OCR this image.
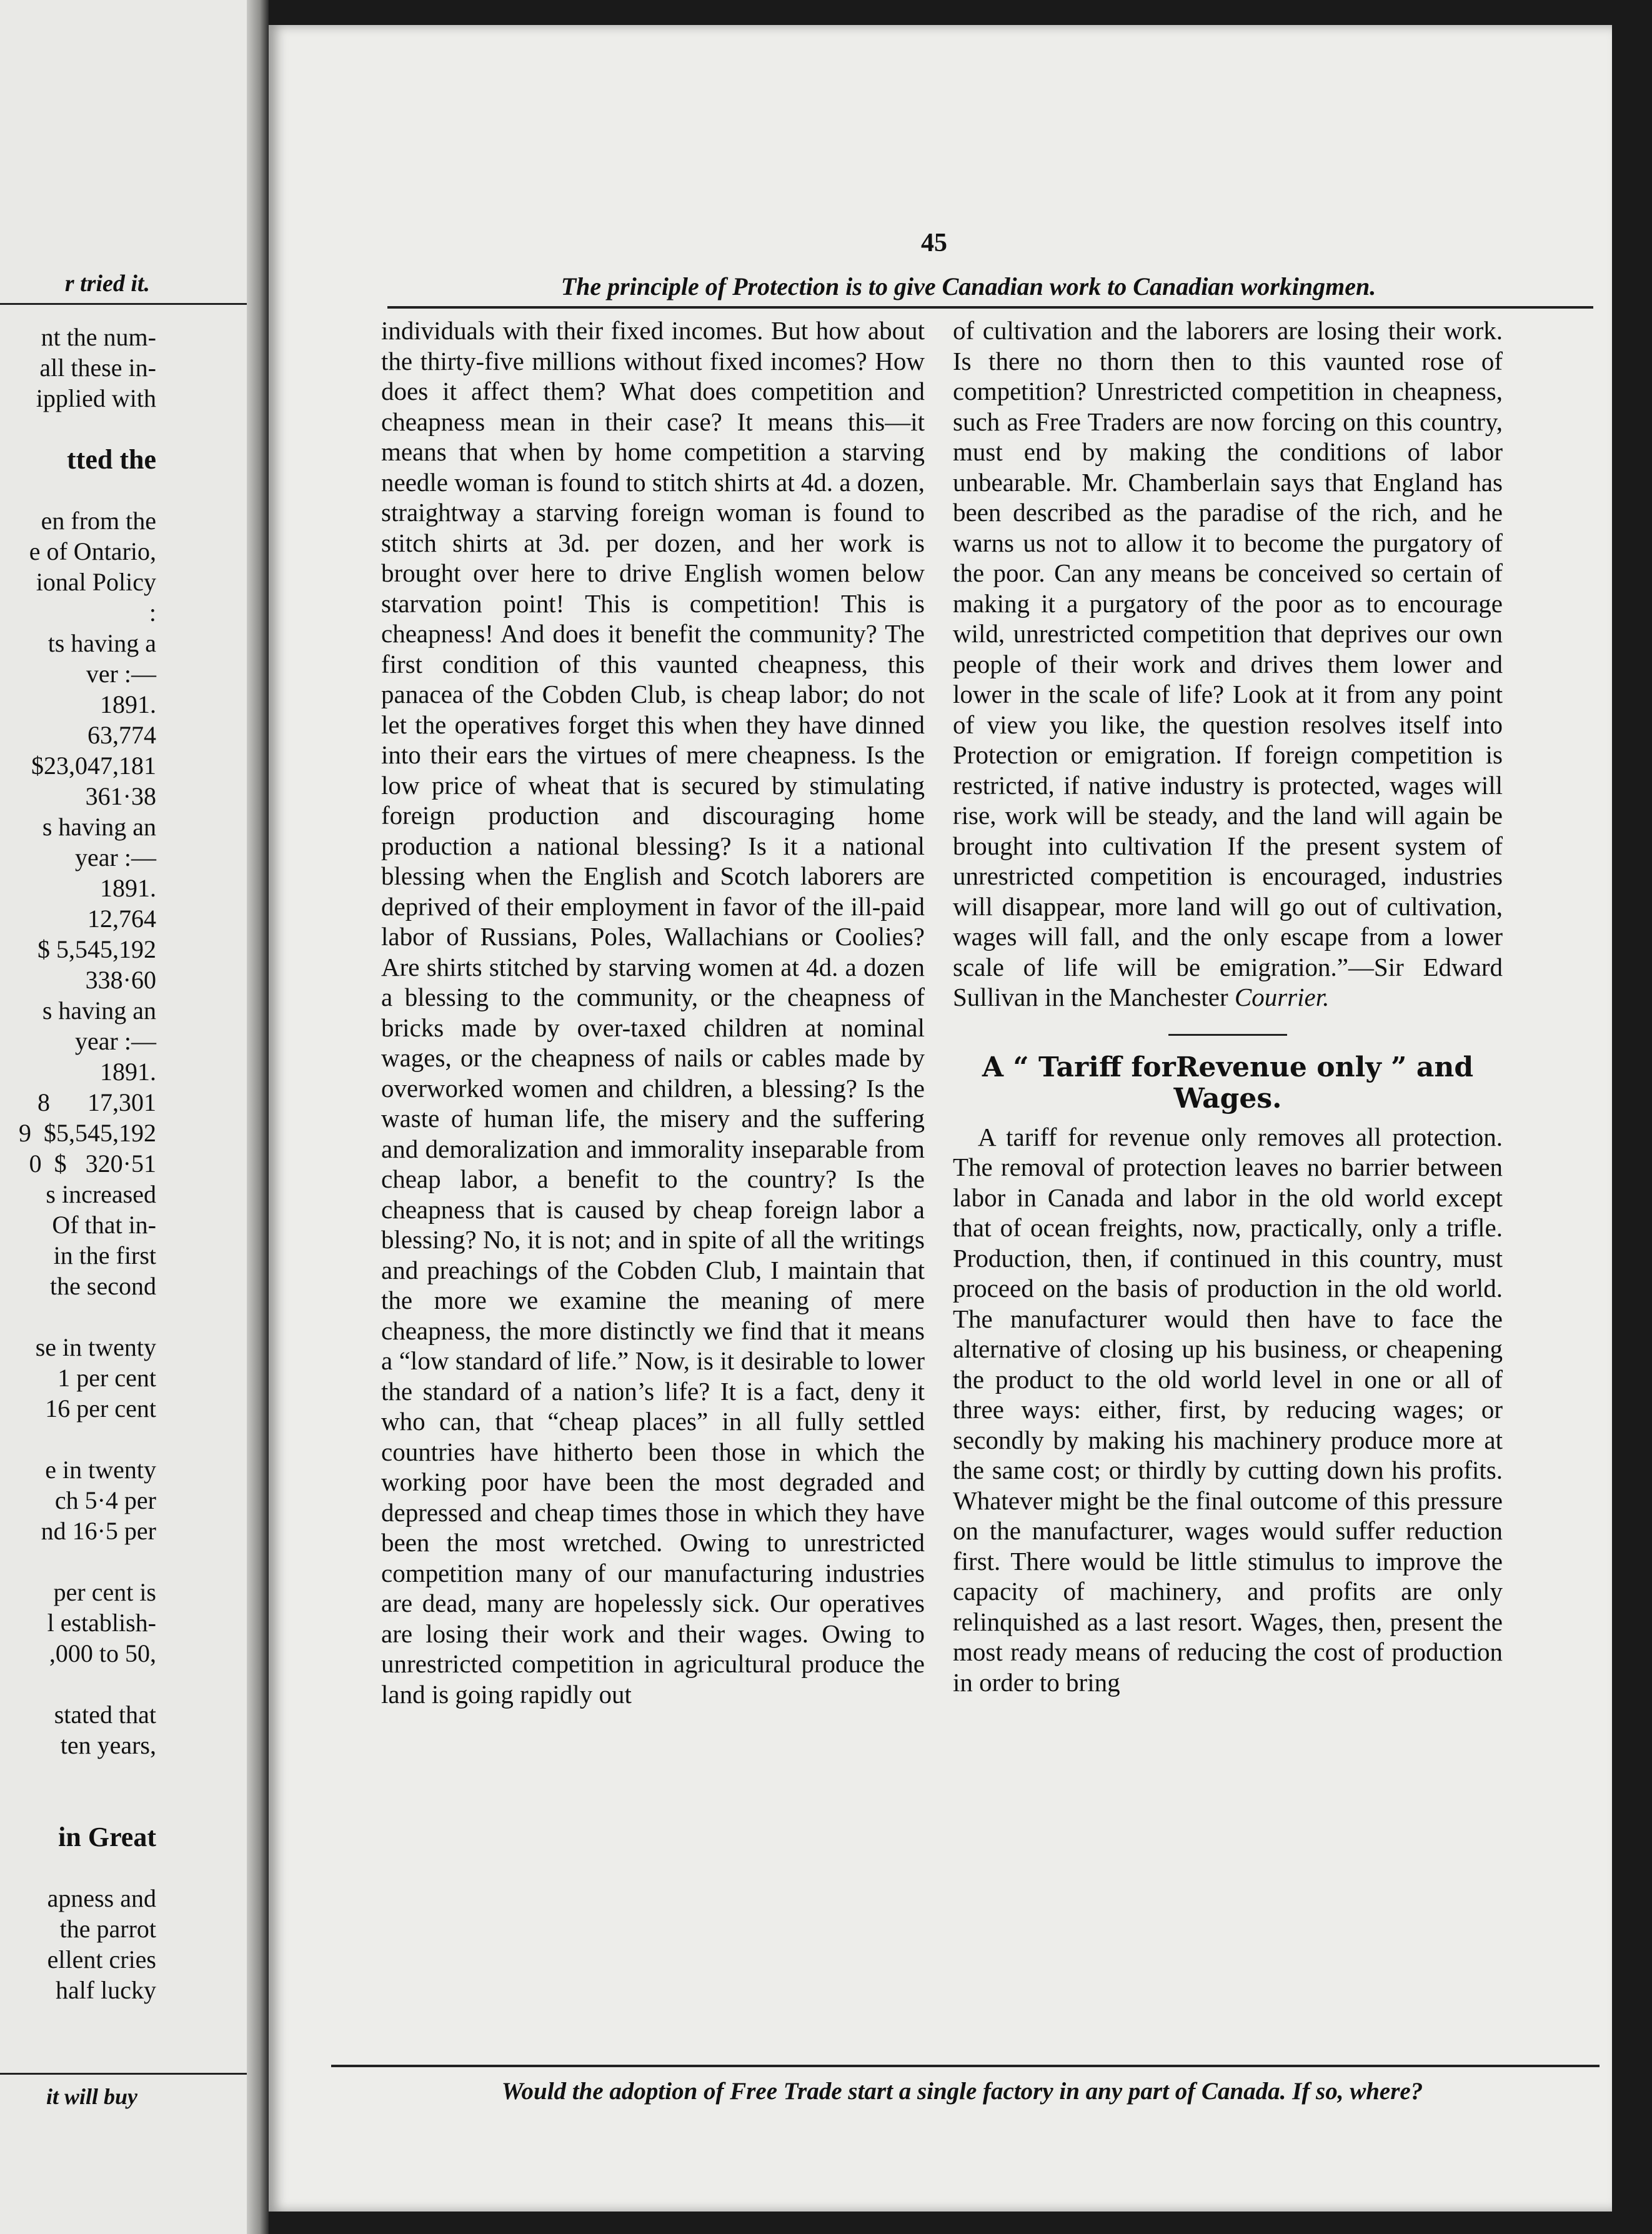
r tried it.
nt the num-
all these in-
ipplied with

tted the

en from the
e of Ontario,
ional Policy
:
ts having a
ver :—
1891.
63,774
$23,047,181
361·38
s having an
year :—
1891.
12,764
$ 5,545,192
338·60
s having an
year :—
1891.
8      17,301
9  $5,545,192
0  $   320·51
s increased
Of that in-
in the first
the second

se in twenty
1 per cent
16 per cent

e in twenty
ch 5·4 per
nd 16·5 per

per cent is
l establish-
,000 to 50,

stated that
ten years,

in Great

apness and
the parrot
ellent cries
half lucky
it will buy
45
The principle of Protection is to give Canadian work to Canadian workingmen.

individuals with their fixed incomes. But how about the thirty-five millions without fixed incomes? How does it affect them? What does competition and cheapness mean in their case? It means this—it means that when by home competition a starving needle woman is found to stitch shirts at 4d. a dozen, straightway a starving foreign woman is found to stitch shirts at 3d. per dozen, and her work is brought over here to drive English women below starvation point! This is competition! This is cheapness! And does it benefit the community? The first condition of this vaunted cheapness, this panacea of the Cobden Club, is cheap labor; do not let the operatives forget this when they have dinned into their ears the virtues of mere cheapness. Is the low price of wheat that is secured by stimulating foreign production and discouraging home production a national blessing? Is it a national blessing when the English and Scotch laborers are deprived of their employment in favor of the ill-paid labor of Russians, Poles, Wallachians or Coolies? Are shirts stitched by starving women at 4d. a dozen a blessing to the community, or the cheapness of bricks made by over-taxed children at nominal wages, or the cheapness of nails or cables made by overworked women and children, a blessing? Is the waste of human life, the misery and the suffering and demoralization and immorality inseparable from cheap labor, a benefit to the country? Is the cheapness that is caused by cheap foreign labor a blessing? No, it is not; and in spite of all the writings and preachings of the Cobden Club, I maintain that the more we examine the meaning of mere cheapness, the more distinctly we find that it means a “low standard of life.” Now, is it desirable to lower the standard of a nation’s life? It is a fact, deny it who can, that “cheap places” in all fully settled countries have hitherto been those in which the working poor have been the most degraded and depressed and cheap times those in which they have been the most wretched. Owing to unrestricted competition many of our manufacturing industries are dead, many are hopelessly sick. Our operatives are losing their work and their wages. Owing to unrestricted competition in agricultural produce the land is going rapidly out

of cultivation and the laborers are losing their work. Is there no thorn then to this vaunted rose of competition? Unrestricted competition in cheapness, such as Free Traders are now forcing on this country, must end by making the conditions of labor unbearable. Mr. Chamberlain says that England has been described as the paradise of the rich, and he warns us not to allow it to become the purgatory of the poor. Can any means be conceived so certain of making it a purgatory of the poor as to encourage wild, unrestricted competition that deprives our own people of their work and drives them lower and lower in the scale of life? Look at it from any point of view you like, the question resolves itself into Protection or emigration. If foreign competition is restricted, if native industry is protected, wages will rise, work will be steady, and the land will again be brought into cultivation If the present system of unrestricted competition is encouraged, industries will disappear, more land will go out of cultivation, wages will fall, and the only escape from a lower scale of life will be emigration.”—Sir Edward Sullivan in the Manchester Courrier.

A “ Tariff forRevenue only ” and
Wages.

A tariff for revenue only removes all protection. The removal of protection leaves no barrier between labor in Canada and labor in the old world except that of ocean freights, now, practically, only a trifle. Production, then, if continued in this country, must proceed on the basis of production in the old world. The manufacturer would then have to face the alternative of closing up his business, or cheapening the product to the old world level in one or all of three ways: either, first, by reducing wages; or secondly by making his machinery produce more at the same cost; or thirdly by cutting down his profits. Whatever might be the final outcome of this pressure on the manufacturer, wages would suffer reduction first. There would be little stimulus to improve the capacity of machinery, and profits are only relinquished as a last resort. Wages, then, present the most ready means of reducing the cost of production in order to bring

Would the adoption of Free Trade start a single factory in any part of Canada. If so, where?
